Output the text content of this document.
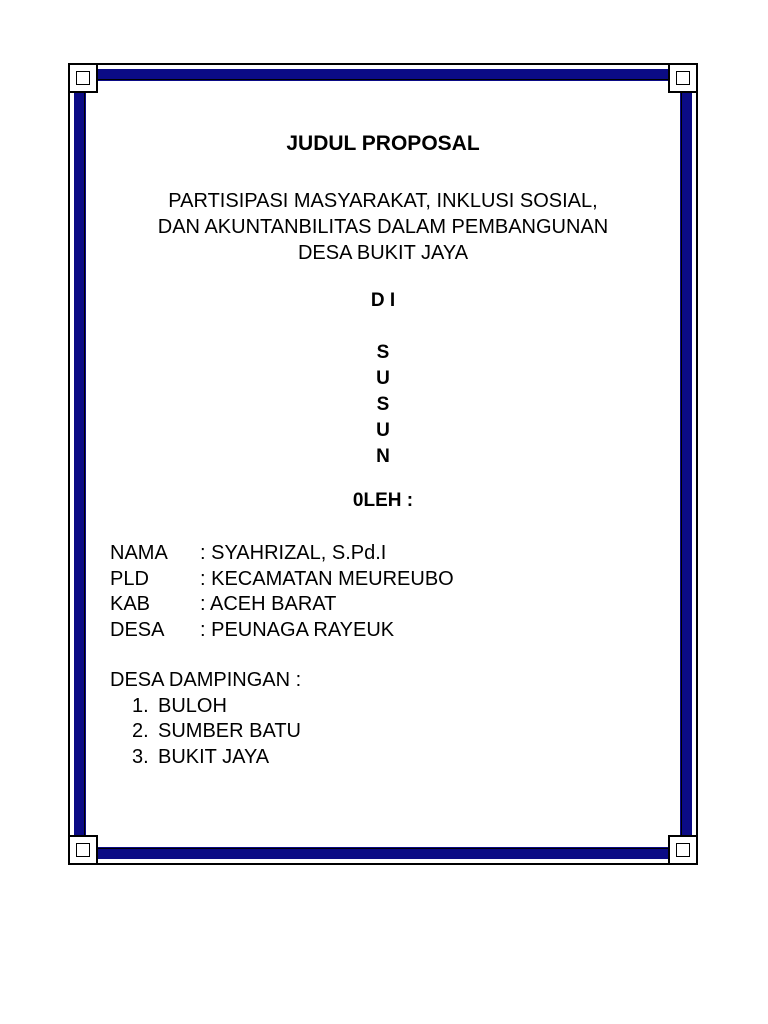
JUDUL PROPOSAL
PARTISIPASI MASYARAKAT, INKLUSI SOSIAL,
DAN AKUNTANBILITAS DALAM PEMBANGUNAN
DESA BUKIT JAYA
D I
S
U
S
U
N
0LEH :
NAMA	: SYAHRIZAL, S.Pd.I
PLD	: KECAMATAN MEUREUBO
KAB	: ACEH BARAT
DESA	: PEUNAGA RAYEUK
DESA DAMPINGAN :
1. BULOH
2. SUMBER BATU
3. BUKIT JAYA
